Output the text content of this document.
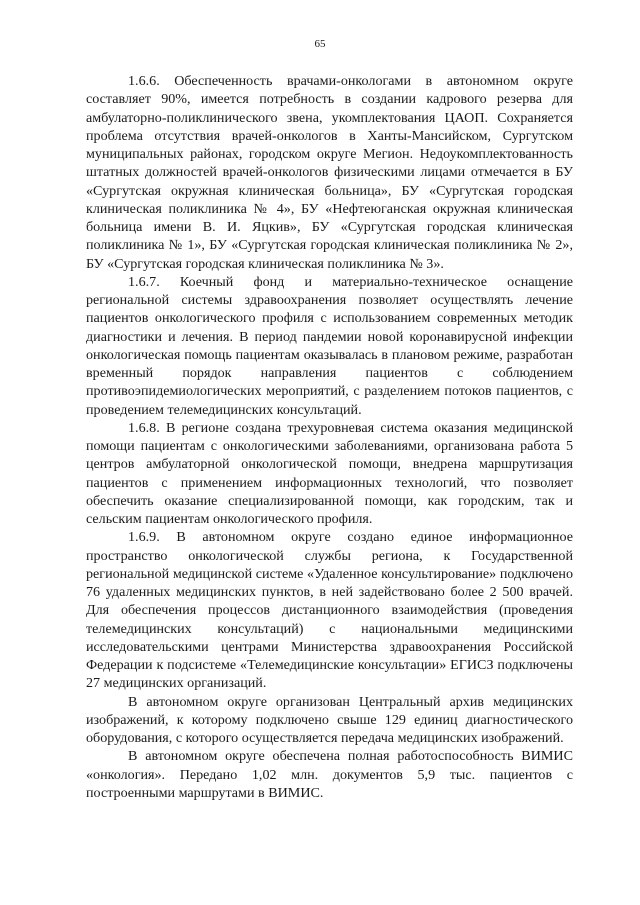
65

1.6.6. Обеспеченность врачами-онкологами в автономном округе составляет 90%, имеется потребность в создании кадрового резерва для амбулаторно-поликлинического звена, укомплектования ЦАОП. Сохраняется проблема отсутствия врачей-онкологов в Ханты-Мансийском, Сургутском муниципальных районах, городском округе Мегион. Недоукомплектованность штатных должностей врачей-онкологов физическими лицами отмечается в БУ «Сургутская окружная клиническая больница», БУ «Сургутская городская клиническая поликлиника № 4», БУ «Нефтеюганская окружная клиническая больница имени В. И. Яцкив», БУ «Сургутская городская клиническая поликлиника № 1», БУ «Сургутская городская клиническая поликлиника № 2», БУ «Сургутская городская клиническая поликлиника № 3».

1.6.7. Коечный фонд и материально-техническое оснащение региональной системы здравоохранения позволяет осуществлять лечение пациентов онкологического профиля с использованием современных методик диагностики и лечения. В период пандемии новой коронавирусной инфекции онкологическая помощь пациентам оказывалась в плановом режиме, разработан временный порядок направления пациентов с соблюдением противоэпидемиологических мероприятий, с разделением потоков пациентов, с проведением телемедицинских консультаций.

1.6.8. В регионе создана трехуровневая система оказания медицинской помощи пациентам с онкологическими заболеваниями, организована работа 5 центров амбулаторной онкологической помощи, внедрена маршрутизация пациентов с применением информационных технологий, что позволяет обеспечить оказание специализированной помощи, как городским, так и сельским пациентам онкологического профиля.

1.6.9. В автономном округе создано единое информационное пространство онкологической службы региона, к Государственной региональной медицинской системе «Удаленное консультирование» подключено 76 удаленных медицинских пунктов, в ней задействовано более 2 500 врачей. Для обеспечения процессов дистанционного взаимодействия (проведения телемедицинских консультаций) с национальными медицинскими исследовательскими центрами Министерства здравоохранения Российской Федерации к подсистеме «Телемедицинские консультации» ЕГИСЗ подключены 27 медицинских организаций.

В автономном округе организован Центральный архив медицинских изображений, к которому подключено свыше 129 единиц диагностического оборудования, с которого осуществляется передача медицинских изображений.

В автономном округе обеспечена полная работоспособность ВИМИС «онкология». Передано 1,02 млн. документов 5,9 тыс. пациентов с построенными маршрутами в ВИМИС.
